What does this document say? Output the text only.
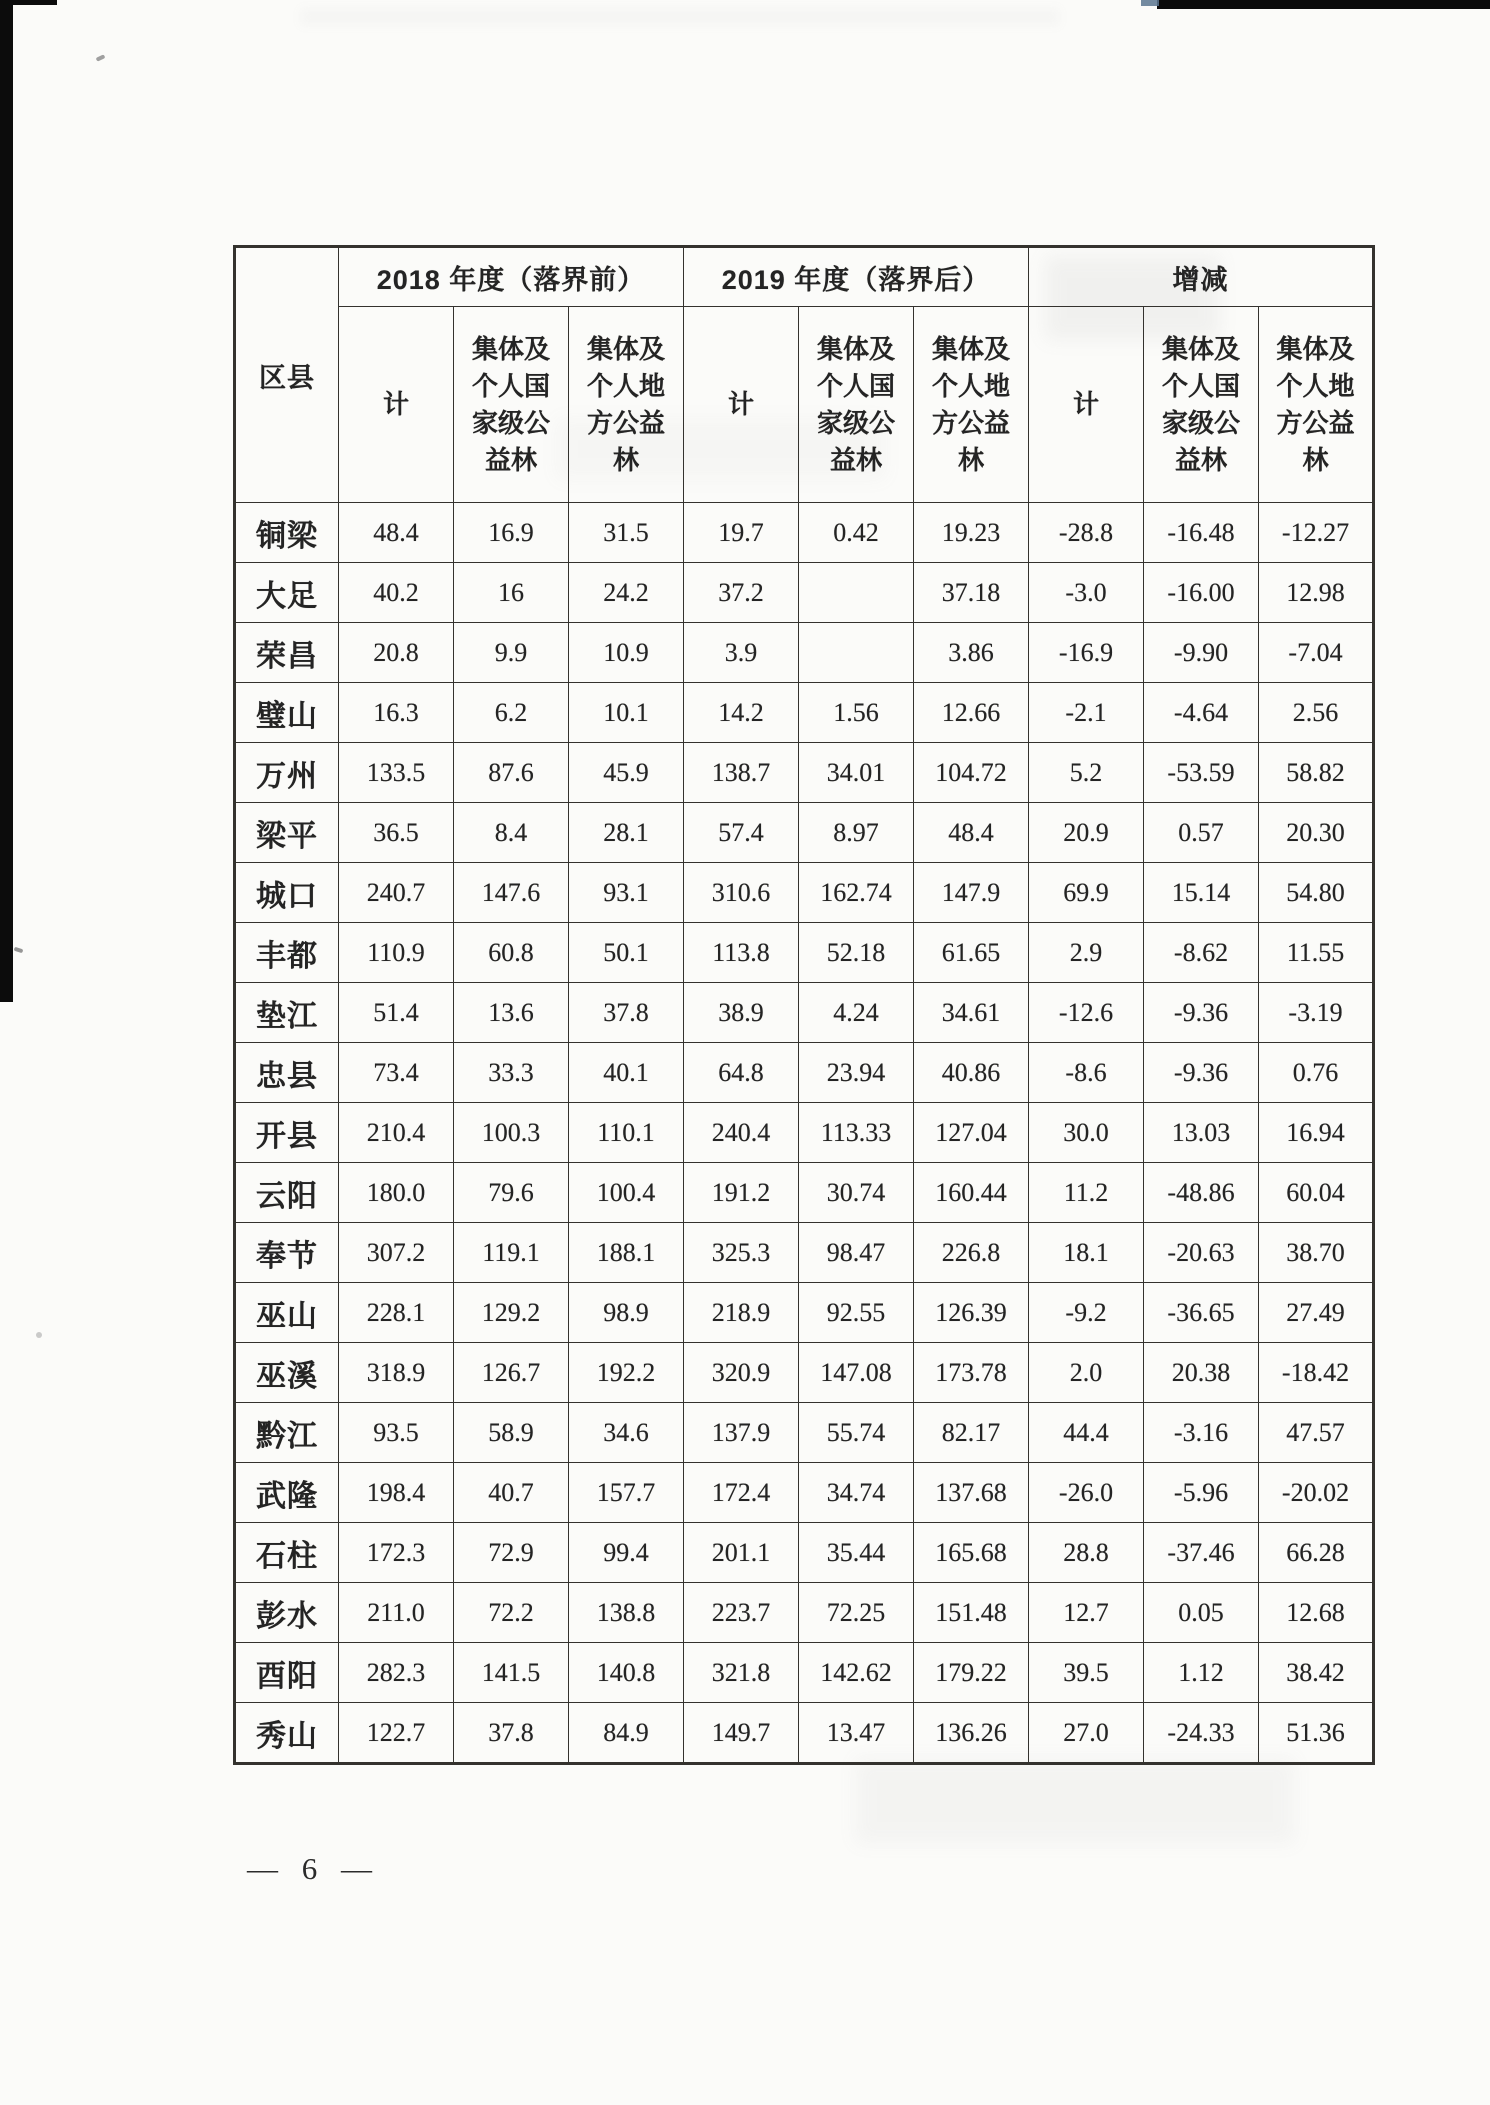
区县	2018 年度（落界前）			2019 年度（落界后）			增减		
	计	集体及个人国家级公益林	集体及个人地方公益林	计	集体及个人国家级公益林	集体及个人地方公益林	计	集体及个人国家级公益林	集体及个人地方公益林
铜梁	48.4	16.9	31.5	19.7	0.42	19.23	-28.8	-16.48	-12.27
大足	40.2	16	24.2	37.2		37.18	-3.0	-16.00	12.98
荣昌	20.8	9.9	10.9	3.9		3.86	-16.9	-9.90	-7.04
璧山	16.3	6.2	10.1	14.2	1.56	12.66	-2.1	-4.64	2.56
万州	133.5	87.6	45.9	138.7	34.01	104.72	5.2	-53.59	58.82
梁平	36.5	8.4	28.1	57.4	8.97	48.4	20.9	0.57	20.30
城口	240.7	147.6	93.1	310.6	162.74	147.9	69.9	15.14	54.80
丰都	110.9	60.8	50.1	113.8	52.18	61.65	2.9	-8.62	11.55
垫江	51.4	13.6	37.8	38.9	4.24	34.61	-12.6	-9.36	-3.19
忠县	73.4	33.3	40.1	64.8	23.94	40.86	-8.6	-9.36	0.76
开县	210.4	100.3	110.1	240.4	113.33	127.04	30.0	13.03	16.94
云阳	180.0	79.6	100.4	191.2	30.74	160.44	11.2	-48.86	60.04
奉节	307.2	119.1	188.1	325.3	98.47	226.8	18.1	-20.63	38.70
巫山	228.1	129.2	98.9	218.9	92.55	126.39	-9.2	-36.65	27.49
巫溪	318.9	126.7	192.2	320.9	147.08	173.78	2.0	20.38	-18.42
黔江	93.5	58.9	34.6	137.9	55.74	82.17	44.4	-3.16	47.57
武隆	198.4	40.7	157.7	172.4	34.74	137.68	-26.0	-5.96	-20.02
石柱	172.3	72.9	99.4	201.1	35.44	165.68	28.8	-37.46	66.28
彭水	211.0	72.2	138.8	223.7	72.25	151.48	12.7	0.05	12.68
酉阳	282.3	141.5	140.8	321.8	142.62	179.22	39.5	1.12	38.42
秀山	122.7	37.8	84.9	149.7	13.47	136.26	27.0	-24.33	51.36
— 6 —
